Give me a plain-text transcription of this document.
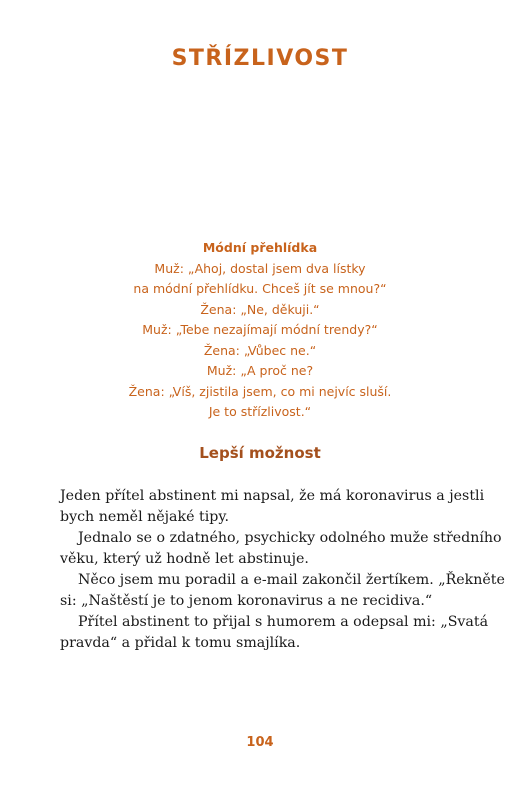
STŘÍZLIVOST
Módní přehlídka
Muž: „Ahoj, dostal jsem dva lístky
na módní přehlídku. Chceš jít se mnou?“
Žena: „Ne, děkuji.“
Muž: „Tebe nezajímají módní trendy?“
Žena: „Vůbec ne.“
Muž: „A proč ne?
Žena: „Víš, zjistila jsem, co mi nejvíc sluší.
Je to střízlivost.“
Lepší možnost

Jeden přítel abstinent mi napsal, že má koronavirus a jestli
bych neměl nějaké tipy.

Jednalo se o zdatného, psychicky odolného muže středního
věku, který už hodně let abstinuje.

Něco jsem mu poradil a e-mail zakončil žertíkem. „Řekněte
si: „Naštěstí je to jenom koronavirus a ne recidiva.“

Přítel abstinent to přijal s humorem a odepsal mi: „Svatá
pravda“ a přidal k tomu smajlíka.

104
